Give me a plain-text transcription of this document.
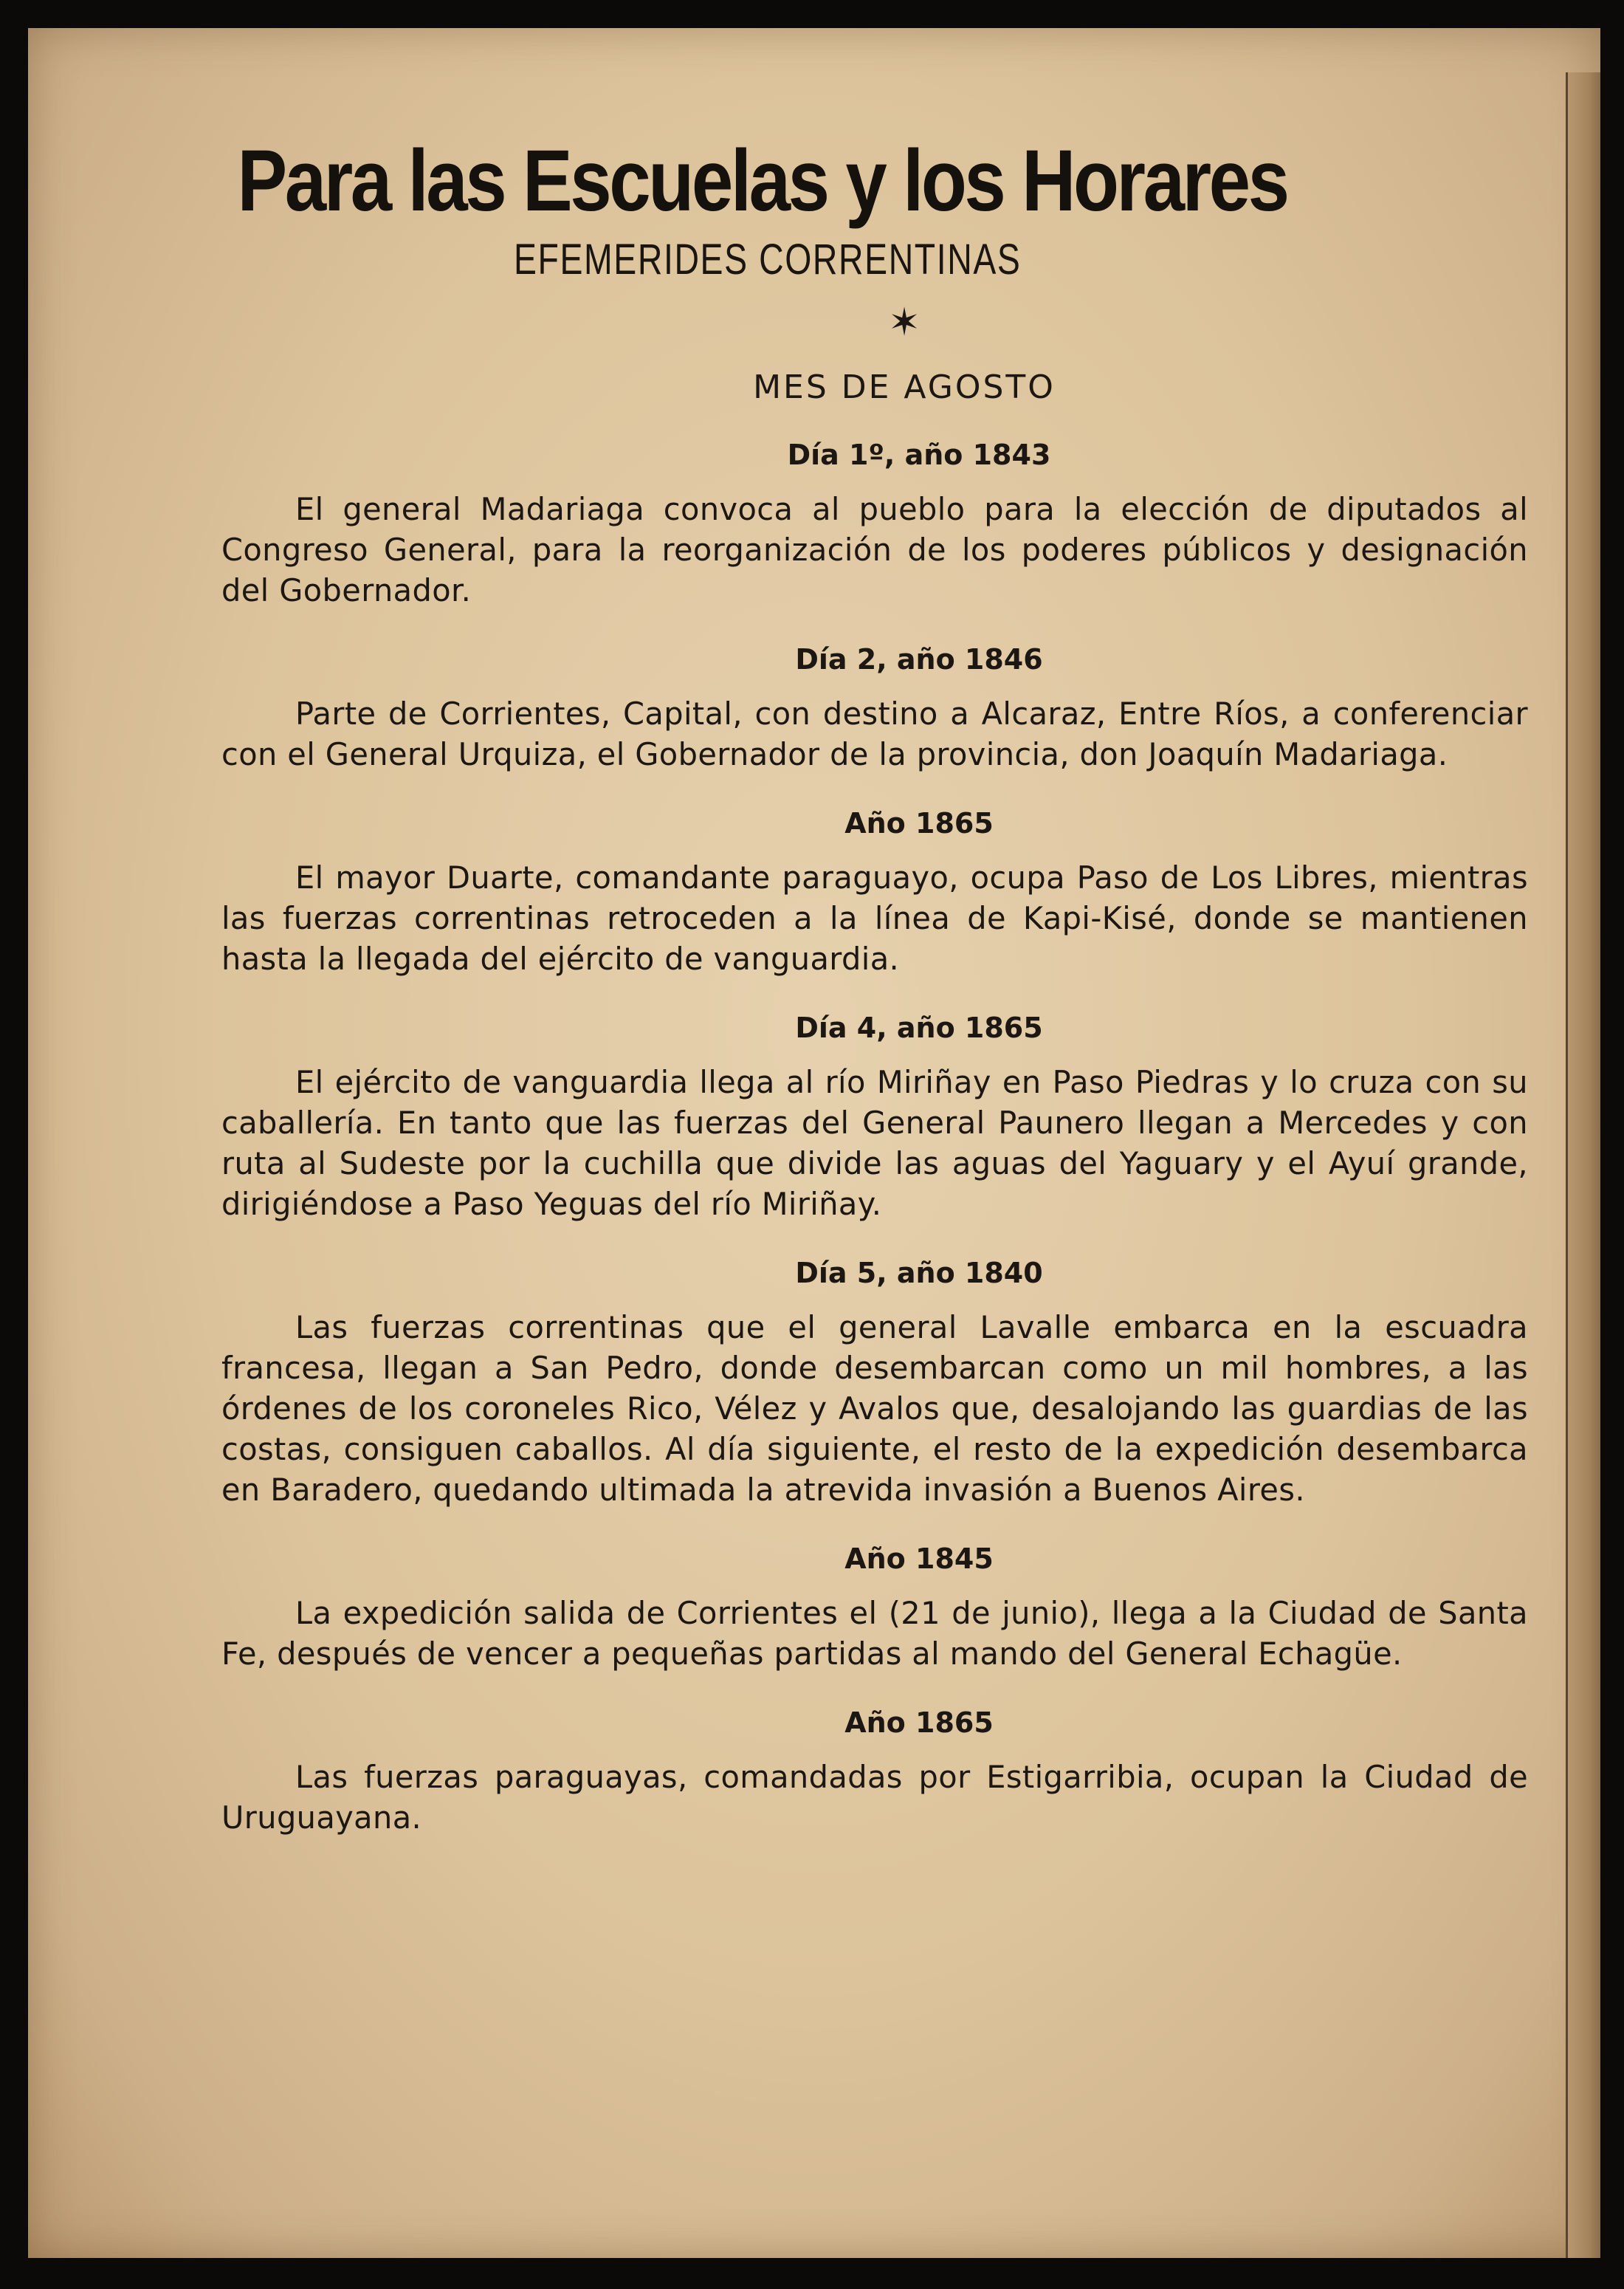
Para las Escuelas y los Horares
EFEMERIDES CORRENTINAS
✶
MES DE AGOSTO
Día 1º, año 1843

El general Madariaga convoca al pueblo para la elección de diputados al Congreso General, para la reorganización de los poderes públicos y designación del Gobernador.

Día 2, año 1846

Parte de Corrientes, Capital, con destino a Alcaraz, Entre Ríos, a conferenciar con el General Urquiza, el Gobernador de la provincia, don Joaquín Madariaga.

Año 1865

El mayor Duarte, comandante paraguayo, ocupa Paso de Los Libres, mientras las fuerzas correntinas retroceden a la línea de Kapi-Kisé, donde se mantienen hasta la llegada del ejército de vanguardia.

Día 4, año 1865

El ejército de vanguardia llega al río Miriñay en Paso Piedras y lo cruza con su caballería. En tanto que las fuerzas del General Paunero llegan a Mercedes y con ruta al Sudeste por la cuchilla que divide las aguas del Yaguary y el Ayuí grande, dirigiéndose a Paso Yeguas del río Miriñay.

Día 5, año 1840

Las fuerzas correntinas que el general Lavalle embarca en la escuadra francesa, llegan a San Pedro, donde desembarcan como un mil hombres, a las órdenes de los coroneles Rico, Vélez y Avalos que, desalojando las guardias de las costas, consiguen caballos. Al día siguiente, el resto de la expedición desembarca en Baradero, quedando ultimada la atrevida invasión a Buenos Aires.

Año 1845

La expedición salida de Corrientes el (21 de junio), llega a la Ciudad de Santa Fe, después de vencer a pequeñas partidas al mando del General Echagüe.

Año 1865

Las fuerzas paraguayas, comandadas por Estigarribia, ocupan la Ciudad de Uruguayana.
